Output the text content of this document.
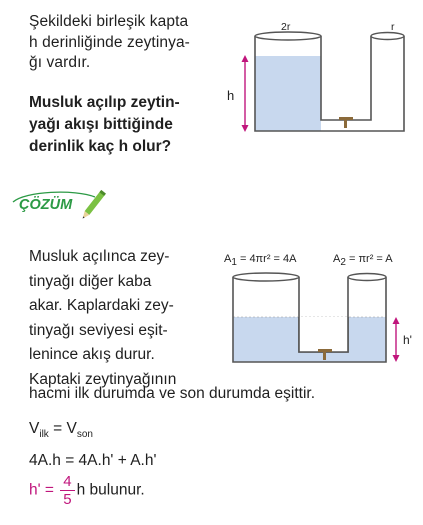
Şekildeki birleşik kapta
h derinliğinde zeytinya-
ğı vardır.
Musluk açılıp zeytin-
yağı akışı bittiğinde
derinlik kaç h olur?
h
2r	r
ÇÖZÜM
Musluk açılınca zey-
tinyağı diğer kaba
akar. Kaplardaki zey-
tinyağı seviyesi eşit-
lenince akış durur.
Kaptaki zeytinyağının
hacmi ilk durumda ve son durumda eşittir.
$A_1 = 4\pi r^2 = 4A$	$A_2 = \pi r^2 = A$
h'
$V_{ilk} = V_{son}$
4A.h = 4A.h' + A.h'
$h' = \frac{4}{5}$ h bulunur.
